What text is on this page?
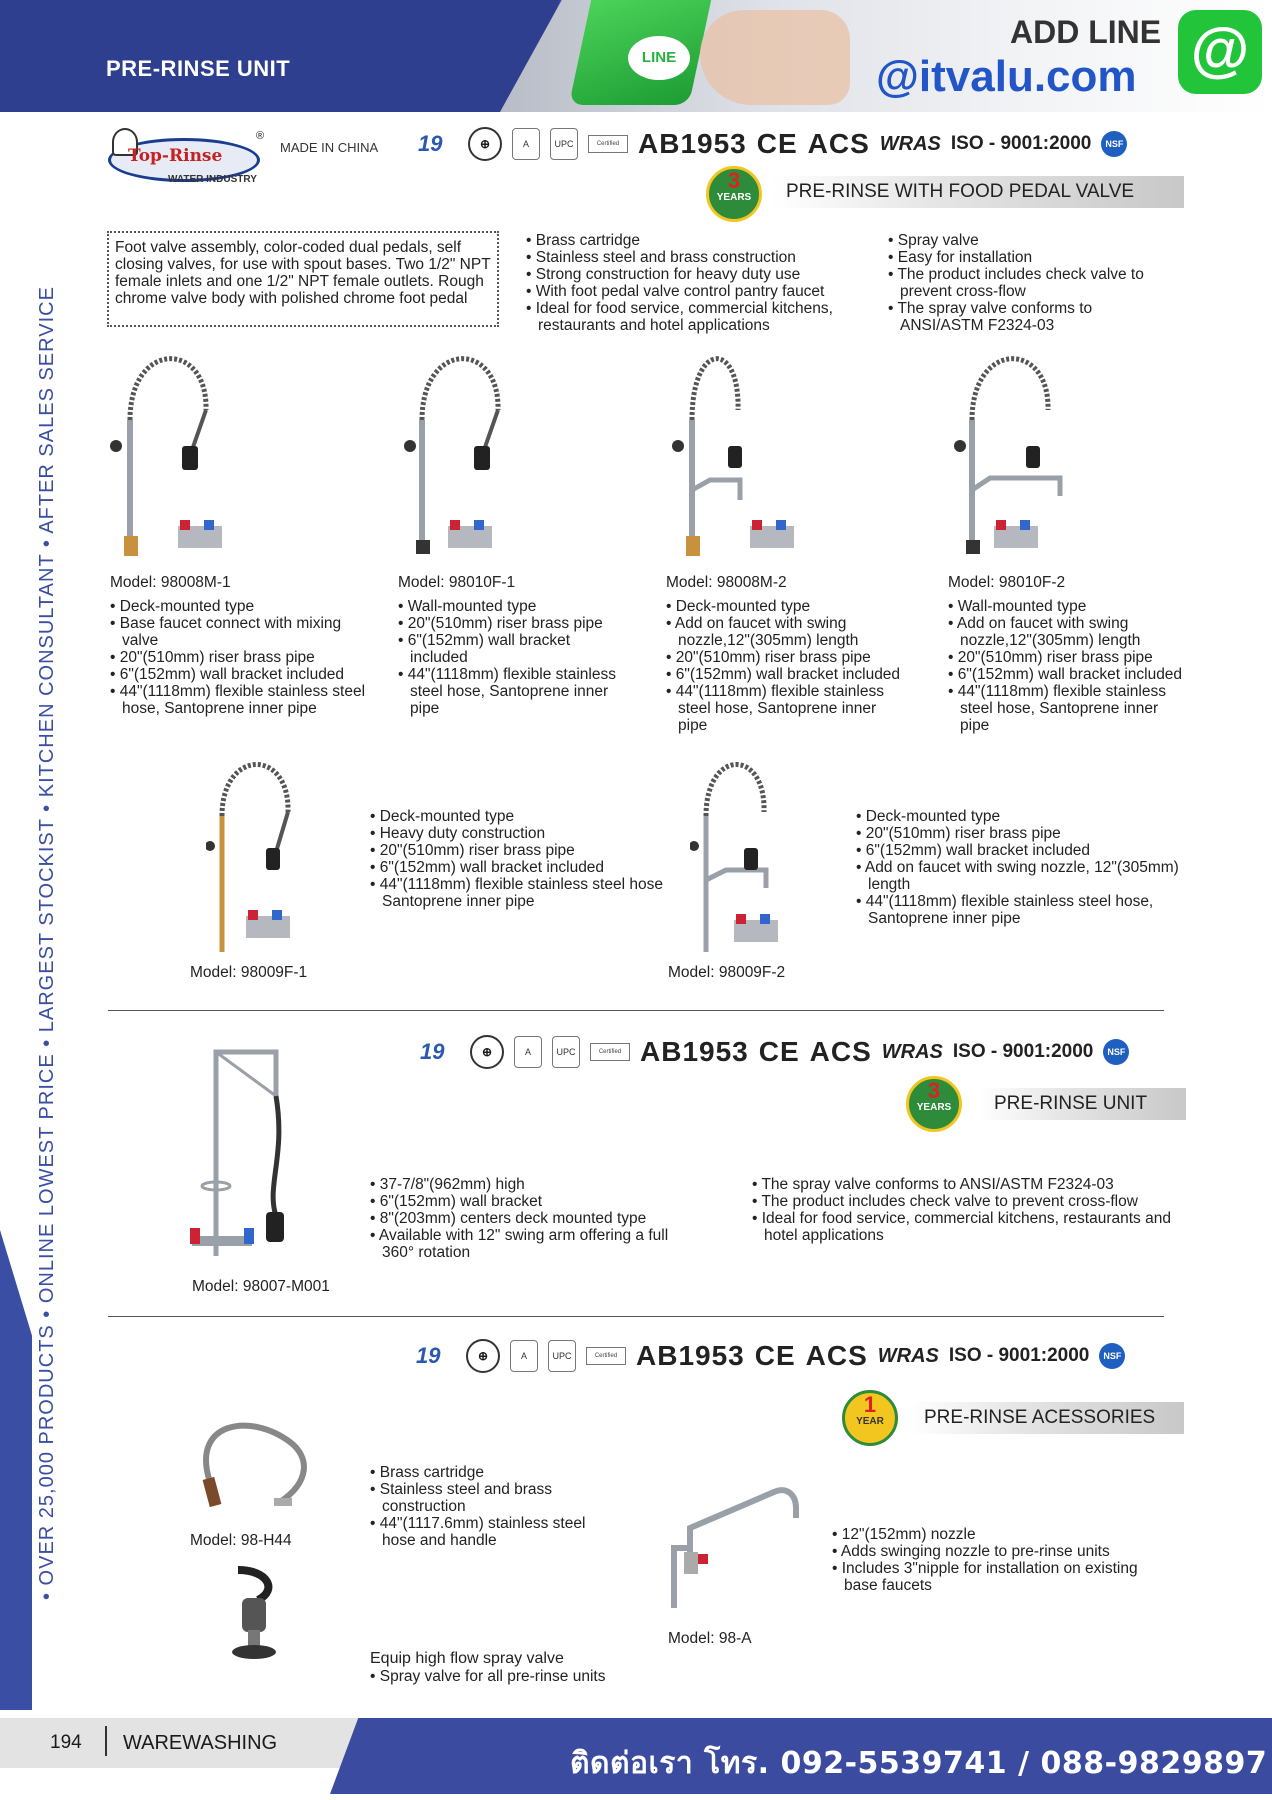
PRE-RINSE UNIT	LINE
ADD LINE
@itvalu.com @
• OVER 25,000 PRODUCTS • ONLINE LOWEST PRICE • LARGEST STOCKIST • KITCHEN CONSULTANT • AFTER SALES SERVICE
Top-Rinse
®
WATER INDUSTRY
MADE IN CHINA 19	⊕	A	UPC	Certified AB1953 CE ACS WRAS ISO - 9001:2000	NSF
3
YEARS	PRE-RINSE WITH FOOD PEDAL VALVE
Foot valve assembly, color-coded dual pedals, self closing valves, for use with spout bases. Two 1/2" NPT female inlets and one 1/2" NPT female outlets. Rough chrome valve body with polished chrome foot pedal
• Brass cartridge
• Stainless steel and brass construction
• Strong construction for heavy duty use
• With foot pedal valve control pantry faucet
• Ideal for food service, commercial kitchens, restaurants and hotel applications
• Spray valve
• Easy for installation
• The product includes check valve to prevent cross-flow
• The spray valve conforms to ANSI/ASTM F2324-03
Model: 98008M-1	Model: 98010F-1	Model: 98008M-2	Model: 98010F-2
• Deck-mounted type
• Base faucet connect with mixing valve
• 20"(510mm) riser brass pipe
• 6"(152mm) wall bracket included
• 44"(1118mm) flexible stainless steel hose, Santoprene inner pipe
• Wall-mounted type
• 20"(510mm) riser brass pipe
• 6"(152mm) wall bracket included
• 44"(1118mm) flexible stainless steel hose, Santoprene inner pipe
• Deck-mounted type
• Add on faucet with swing nozzle,12"(305mm) length
• 20"(510mm) riser brass pipe
• 6"(152mm) wall bracket included
• 44"(1118mm) flexible stainless steel hose, Santoprene inner pipe
• Wall-mounted type
• Add on faucet with swing nozzle,12"(305mm) length
• 20"(510mm) riser brass pipe
• 6"(152mm) wall bracket included
• 44"(1118mm) flexible stainless steel hose, Santoprene inner pipe
• Deck-mounted type
• Heavy duty construction
• 20"(510mm) riser brass pipe
• 6"(152mm) wall bracket included
• 44"(1118mm) flexible stainless steel hose Santoprene inner pipe
Model: 98009F-1
• Deck-mounted type
• 20"(510mm) riser brass pipe
• 6"(152mm) wall bracket included
• Add on faucet with swing nozzle, 12"(305mm) length
• 44"(1118mm) flexible stainless steel hose, Santoprene inner pipe
Model: 98009F-2
19	⊕	A	UPC	Certified AB1953 CE ACS WRAS ISO - 9001:2000	NSF
3
YEARS	PRE-RINSE UNIT
• 37-7/8"(962mm) high
• 6"(152mm) wall bracket
• 8"(203mm) centers deck mounted type
• Available with 12" swing arm offering a full 360° rotation
• The spray valve conforms to ANSI/ASTM F2324-03
• The product includes check valve to prevent cross-flow
• Ideal for food service, commercial kitchens, restaurants and hotel applications
Model: 98007-M001
19	⊕	A	UPC	Certified AB1953 CE ACS WRAS ISO - 9001:2000	NSF
1
YEAR	PRE-RINSE ACESSORIES
Model: 98-H44
• Brass cartridge
• Stainless steel and brass construction
• 44"(1117.6mm) stainless steel hose and handle
Equip high flow spray valve
• Spray valve for all pre-rinse units
Model: 98-A
• 12"(152mm) nozzle
• Adds swinging nozzle to pre-rinse units
• Includes 3"nipple for installation on existing base faucets
194 WAREWASHING
ติดต่อเรา โทร. 092-5539741 / 088-9829897
